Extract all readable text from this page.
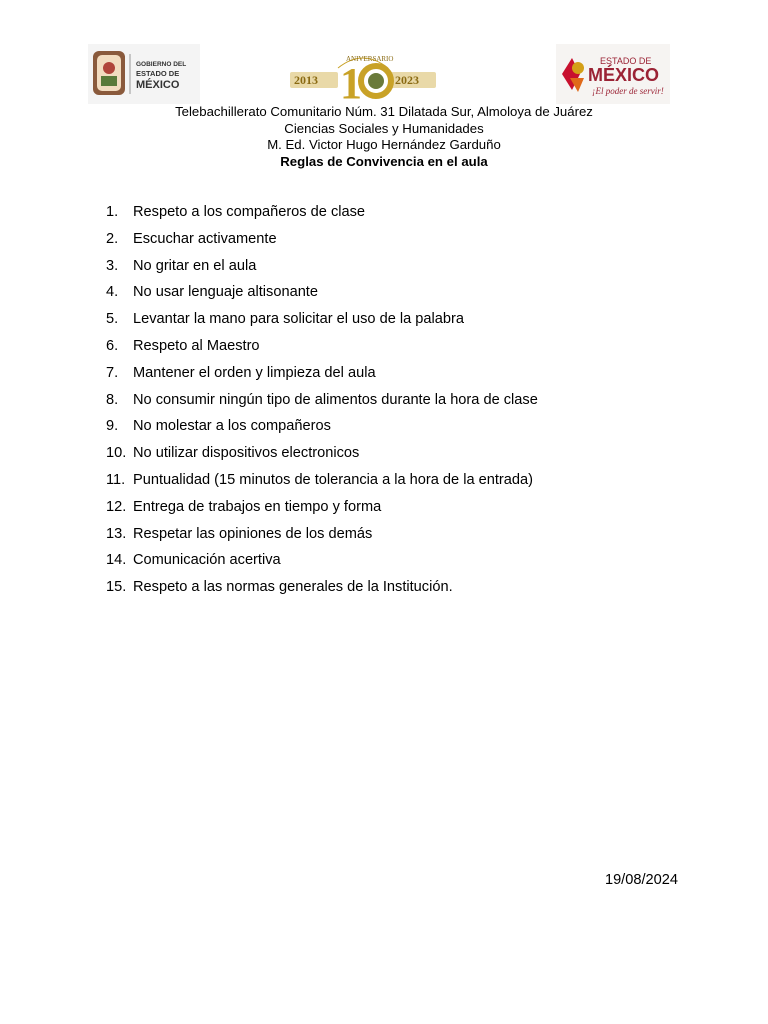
GOBIERNO DEL
ESTADO DE
MÉXICO
ANIVERSARIO
2013	2023
1	ESTADO DE
MÉXICO
¡El poder de servir!
Telebachillerato Comunitario Núm. 31 Dilatada Sur, Almoloya de Juárez
Ciencias Sociales y Humanidades
M. Ed. Victor Hugo Hernández Garduño
Reglas de Convivencia en el aula
1.	Respeto a los compañeros de clase
2.	Escuchar activamente
3.	No gritar en el aula
4.	No usar lenguaje altisonante
5.	Levantar la mano para solicitar el uso de la palabra
6.	Respeto al Maestro
7.	Mantener el orden y limpieza del aula
8.	No consumir ningún tipo de alimentos durante la hora de clase
9.	No molestar a los compañeros
10. No utilizar dispositivos electronicos
11. Puntualidad (15 minutos de tolerancia a la hora de la entrada)
12. Entrega de trabajos en tiempo y forma
13. Respetar las opiniones de los demás
14. Comunicación acertiva
15. Respeto a las normas generales de la Institución.
19/08/2024
